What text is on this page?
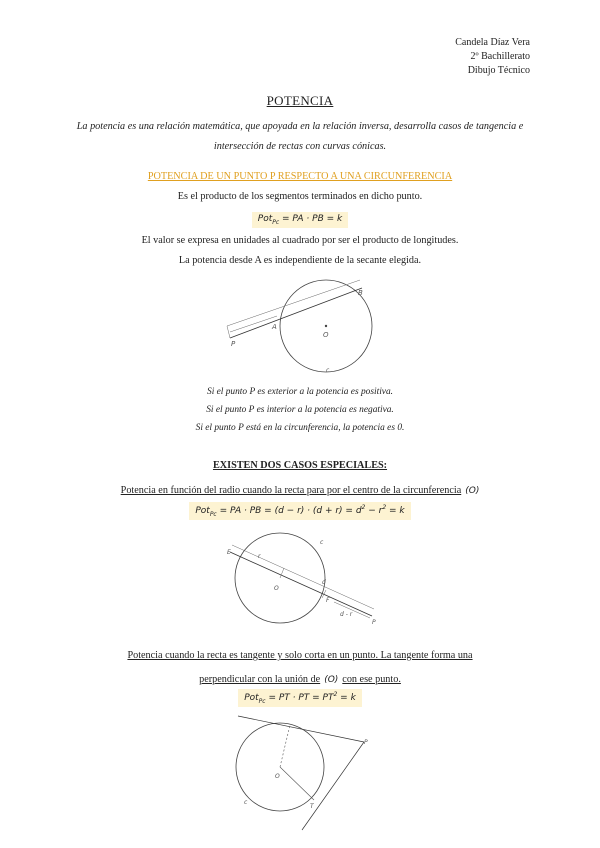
Candela Díaz Vera
2º Bachillerato
Dibujo Técnico
POTENCIA
La potencia es una relación matemática, que apoyada en la relación inversa, desarrolla casos de tangencia e
intersección de rectas con curvas cónicas.
POTENCIA DE UN PUNTO P RESPECTO A UNA CIRCUNFERENCIA
Es el producto de los segmentos terminados en dicho punto.
Pot$_{Pc}$ = PA · PB = k
El valor se expresa en unidades al cuadrado por ser el producto de longitudes.
La potencia desde A es independiente de la secante elegida.
P
A
B
O
c
Si el punto P es exterior a la potencia es positiva.
Si el punto P es interior a la potencia es negativa.
Si el punto P está en la circunferencia, la potencia es 0.
EXISTEN DOS CASOS ESPECIALES:
Potencia en función del radio cuando la recta para por el centro de la circunferencia (O)
Pot$_{Pc}$ = PA · PB = $(d - r) \cdot (d + r) = d^2 - r^2 = k$
E
r
c
O
d
F
P
d - r
Potencia cuando la recta es tangente y solo corta en un punto. La tangente forma una
perpendicular con la unión de (O) con ese punto.
Pot$_{Pc}$ = PT · PT = $PT^2 = k$
P
O
T
c
